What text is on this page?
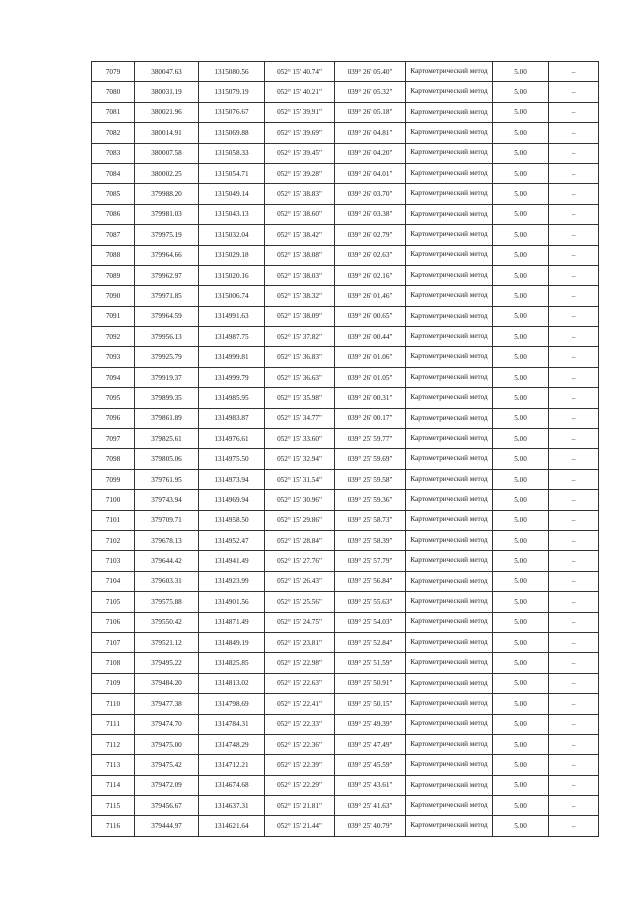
7079	380047.63	1315080.56	052° 15' 40.74"	039° 26' 05.40"	Картометрический метод	5.00	–
7080	380031.19	1315079.19	052° 15' 40.21"	039° 26' 05.32"	Картометрический метод	5.00	–
7081	380021.96	1315076.67	052° 15' 39.91"	039° 26' 05.18"	Картометрический метод	5.00	–
7082	380014.91	1315069.88	052° 15' 39.69"	039° 26' 04.81"	Картометрический метод	5.00	–
7083	380007.58	1315058.33	052° 15' 39.45"	039° 26' 04.20"	Картометрический метод	5.00	–
7084	380002.25	1315054.71	052° 15' 39.28"	039° 26' 04.01"	Картометрический метод	5.00	–
7085	379988.20	1315049.14	052° 15' 38.83"	039° 26' 03.70"	Картометрический метод	5.00	–
7086	379981.03	1315043.13	052° 15' 38.60"	039° 26' 03.38"	Картометрический метод	5.00	–
7087	379975.19	1315032.04	052° 15' 38.42"	039° 26' 02.79"	Картометрический метод	5.00	–
7088	379964.66	1315029.18	052° 15' 38.08"	039° 26' 02.63"	Картометрический метод	5.00	–
7089	379962.97	1315020.16	052° 15' 38.03"	039° 26' 02.16"	Картометрический метод	5.00	–
7090	379971.85	1315006.74	052° 15' 38.32"	039° 26' 01.46"	Картометрический метод	5.00	–
7091	379964.59	1314991.63	052° 15' 38.09"	039° 26' 00.65"	Картометрический метод	5.00	–
7092	379956.13	1314987.75	052° 15' 37.82"	039° 26' 00.44"	Картометрический метод	5.00	–
7093	379925.79	1314999.81	052° 15' 36.83"	039° 26' 01.06"	Картометрический метод	5.00	–
7094	379919.37	1314999.79	052° 15' 36.63"	039° 26' 01.05"	Картометрический метод	5.00	–
7095	379899.35	1314985.95	052° 15' 35.98"	039° 26' 00.31"	Картометрический метод	5.00	–
7096	379861.89	1314983.87	052° 15' 34.77"	039° 26' 00.17"	Картометрический метод	5.00	–
7097	379825.61	1314976.61	052° 15' 33.60"	039° 25' 59.77"	Картометрический метод	5.00	–
7098	379805.06	1314975.50	052° 15' 32.94"	039° 25' 59.69"	Картометрический метод	5.00	–
7099	379761.95	1314973.94	052° 15' 31.54"	039° 25' 59.58"	Картометрический метод	5.00	–
7100	379743.94	1314969.94	052° 15' 30.96"	039° 25' 59.36"	Картометрический метод	5.00	–
7101	379709.71	1314958.50	052° 15' 29.86"	039° 25' 58.73"	Картометрический метод	5.00	–
7102	379678.13	1314952.47	052° 15' 28.84"	039° 25' 58.39"	Картометрический метод	5.00	–
7103	379644.42	1314941.49	052° 15' 27.76"	039° 25' 57.79"	Картометрический метод	5.00	–
7104	379603.31	1314923.99	052° 15' 26.43"	039° 25' 56.84"	Картометрический метод	5.00	–
7105	379575.88	1314901.56	052° 15' 25.56"	039° 25' 55.63"	Картометрический метод	5.00	–
7106	379550.42	1314871.49	052° 15' 24.75"	039° 25' 54.03"	Картометрический метод	5.00	–
7107	379521.12	1314849.19	052° 15' 23.81"	039° 25' 52.84"	Картометрический метод	5.00	–
7108	379495.22	1314825.85	052° 15' 22.98"	039° 25' 51.59"	Картометрический метод	5.00	–
7109	379484.20	1314813.02	052° 15' 22.63"	039° 25' 50.91"	Картометрический метод	5.00	–
7110	379477.38	1314798.69	052° 15' 22.41"	039° 25' 50.15"	Картометрический метод	5.00	–
7111	379474.70	1314784.31	052° 15' 22.33"	039° 25' 49.39"	Картометрический метод	5.00	–
7112	379475.00	1314748.29	052° 15' 22.36"	039° 25' 47.49"	Картометрический метод	5.00	–
7113	379475.42	1314712.21	052° 15' 22.39"	039° 25' 45.59"	Картометрический метод	5.00	–
7114	379472.09	1314674.68	052° 15' 22.29"	039° 25' 43.61"	Картометрический метод	5.00	–
7115	379456.67	1314637.31	052° 15' 21.81"	039° 25' 41.63"	Картометрический метод	5.00	–
7116	379444.97	1314621.64	052° 15' 21.44"	039° 25' 40.79"	Картометрический метод	5.00	–
